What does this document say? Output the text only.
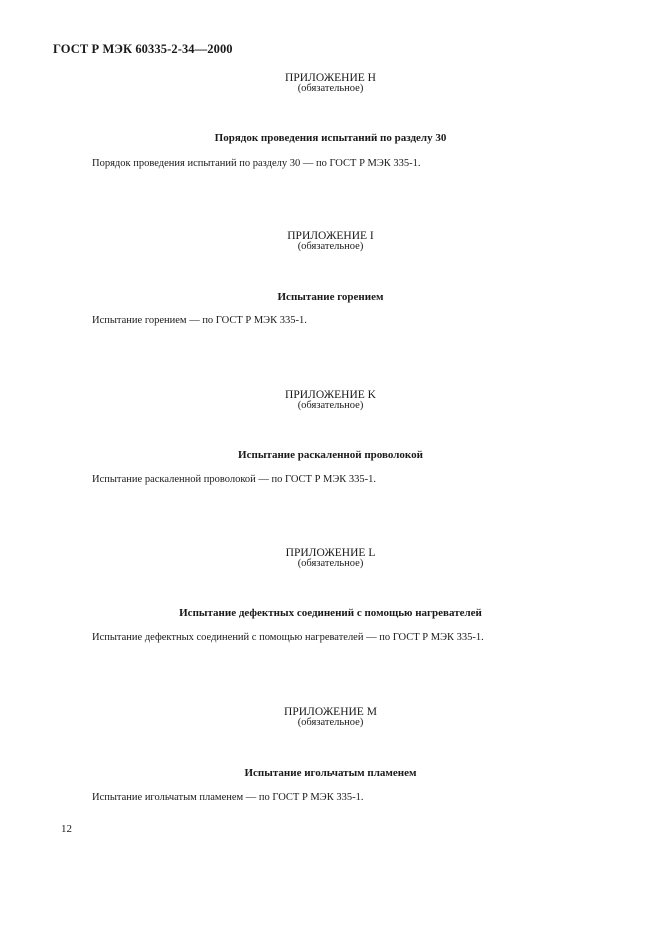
ГОСТ Р МЭК 60335-2-34—2000
ПРИЛОЖЕНИЕ H
(обязательное)
Порядок проведения испытаний по разделу 30
Порядок проведения испытаний по разделу 30 — по ГОСТ Р МЭК 335-1.
ПРИЛОЖЕНИЕ I
(обязательное)
Испытание горением
Испытание горением — по ГОСТ Р МЭК 335-1.
ПРИЛОЖЕНИЕ K
(обязательное)
Испытание раскаленной проволокой
Испытание раскаленной проволокой — по ГОСТ Р МЭК 335-1.
ПРИЛОЖЕНИЕ L
(обязательное)
Испытание дефектных соединений с помощью нагревателей
Испытание дефектных соединений с помощью нагревателей — по ГОСТ Р МЭК 335-1.
ПРИЛОЖЕНИЕ M
(обязательное)
Испытание игольчатым пламенем
Испытание игольчатым пламенем — по ГОСТ Р МЭК 335-1.
12
